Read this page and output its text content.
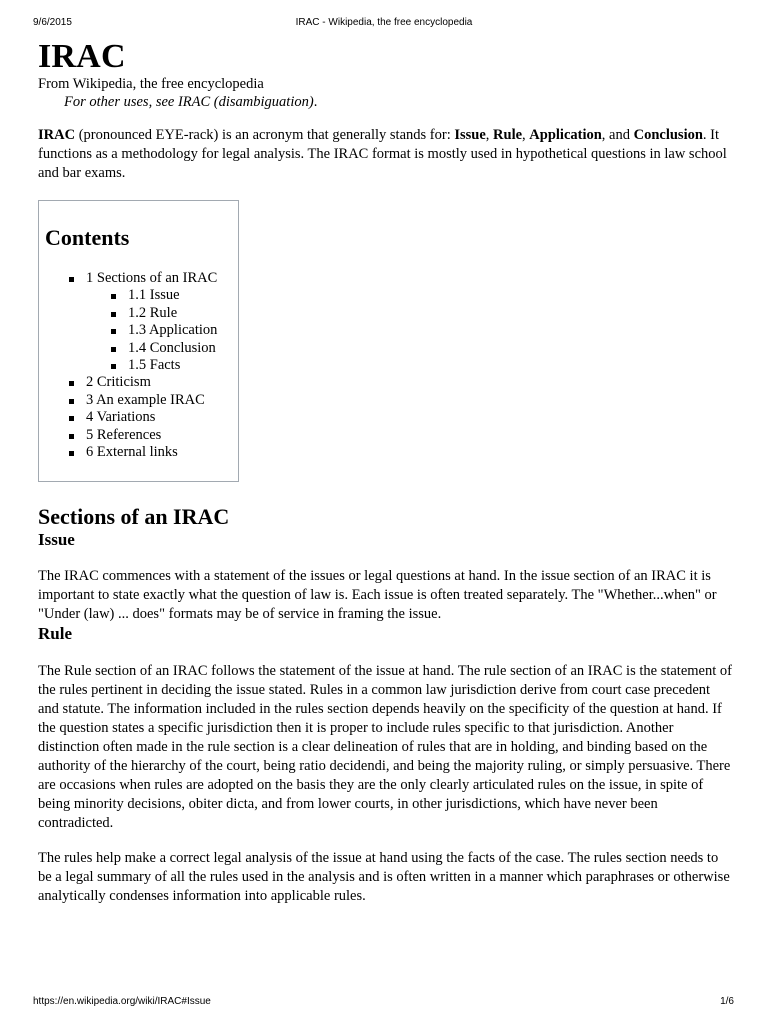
9/6/2015	IRAC - Wikipedia, the free encyclopedia
IRAC
From Wikipedia, the free encyclopedia
For other uses, see IRAC (disambiguation).

IRAC (pronounced EYE-rack) is an acronym that generally stands for: Issue, Rule, Application, and Conclusion. It functions as a methodology for legal analysis. The IRAC format is mostly used in hypothetical questions in law school and bar exams.

Contents
1 Sections of an IRAC
1.1 Issue
1.2 Rule
1.3 Application
1.4 Conclusion
1.5 Facts
2 Criticism
3 An example IRAC
4 Variations
5 References
6 External links
Sections of an IRAC
Issue

The IRAC commences with a statement of the issues or legal questions at hand. In the issue section of an IRAC it is important to state exactly what the question of law is. Each issue is often treated separately. The "Whether...when" or "Under (law) ... does" formats may be of service in framing the issue.

Rule

The Rule section of an IRAC follows the statement of the issue at hand. The rule section of an IRAC is the statement of the rules pertinent in deciding the issue stated. Rules in a common law jurisdiction derive from court case precedent and statute. The information included in the rules section depends heavily on the specificity of the question at hand. If the question states a specific jurisdiction then it is proper to include rules specific to that jurisdiction. Another distinction often made in the rule section is a clear delineation of rules that are in holding, and binding based on the authority of the hierarchy of the court, being ratio decidendi, and being the majority ruling, or simply persuasive. There are occasions when rules are adopted on the basis they are the only clearly articulated rules on the issue, in spite of being minority decisions, obiter dicta, and from lower courts, in other jurisdictions, which have never been contradicted.

The rules help make a correct legal analysis of the issue at hand using the facts of the case. The rules section needs to be a legal summary of all the rules used in the analysis and is often written in a manner which paraphrases or otherwise analytically condenses information into applicable rules.

https://en.wikipedia.org/wiki/IRAC#Issue	1/6
